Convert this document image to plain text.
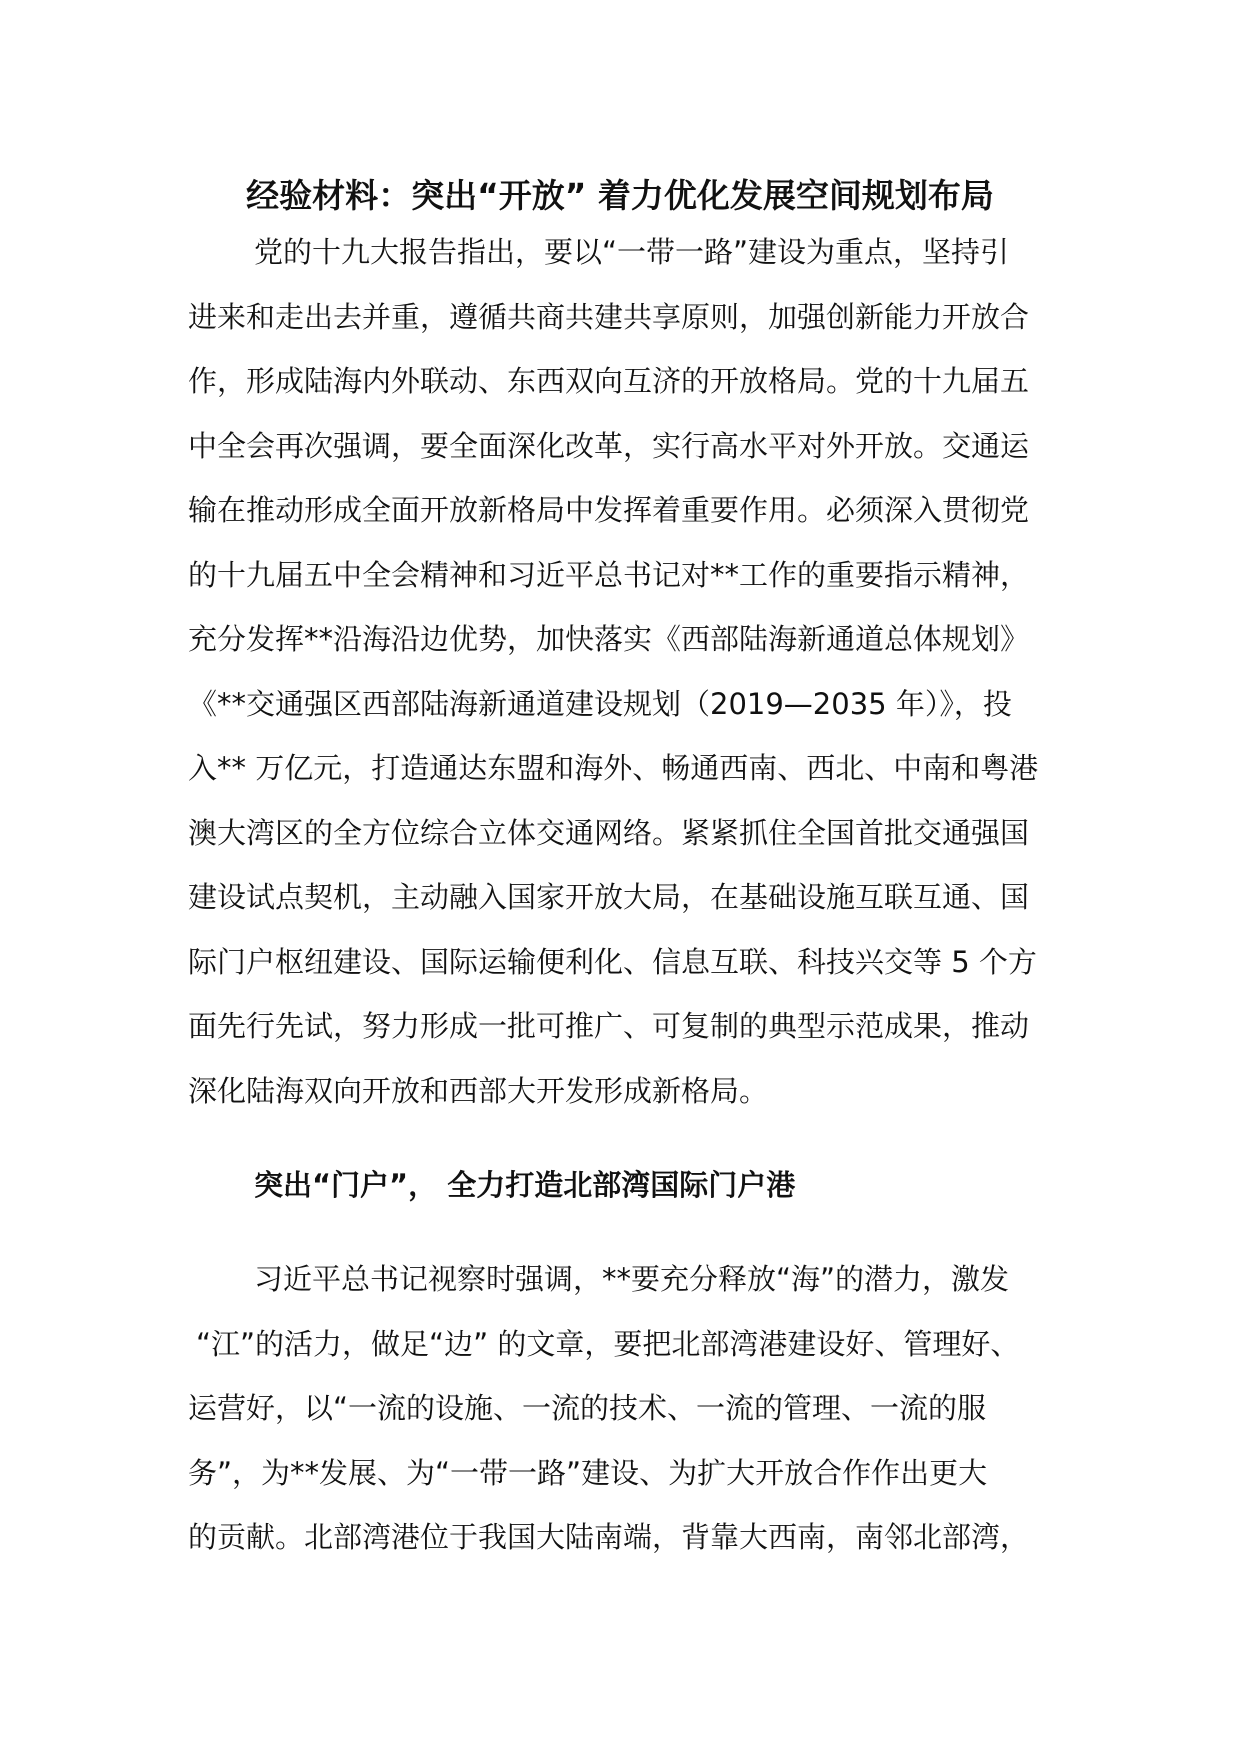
经验材料：突出“开放” 着力优化发展空间规划布局
党的十九大报告指出，要以“一带一路”建设为重点，坚持引
进来和走出去并重，遵循共商共建共享原则，加强创新能力开放合
作，形成陆海内外联动、东西双向互济的开放格局。党的十九届五
中全会再次强调，要全面深化改革，实行高水平对外开放。交通运
输在推动形成全面开放新格局中发挥着重要作用。必须深入贯彻党
的十九届五中全会精神和习近平总书记对**工作的重要指示精神，
充分发挥**沿海沿边优势，加快落实《西部陆海新通道总体规划》
《**交通强区西部陆海新通道建设规划（2019—2035 年）》，投
入** 万亿元，打造通达东盟和海外、畅通西南、西北、中南和粤港
澳大湾区的全方位综合立体交通网络。紧紧抓住全国首批交通强国
建设试点契机，主动融入国家开放大局，在基础设施互联互通、国
际门户枢纽建设、国际运输便利化、信息互联、科技兴交等 5 个方
面先行先试，努力形成一批可推广、可复制的典型示范成果，推动
深化陆海双向开放和西部大开发形成新格局。
突出“门户”， 全力打造北部湾国际门户港
习近平总书记视察时强调，**要充分释放“海”的潜力，激发
“江”的活力，做足“边” 的文章，要把北部湾港建设好、管理好、
运营好，以“一流的设施、一流的技术、一流的管理、一流的服
务”，为**发展、为“一带一路”建设、为扩大开放合作作出更大
的贡献。北部湾港位于我国大陆南端，背靠大西南，南邻北部湾，
